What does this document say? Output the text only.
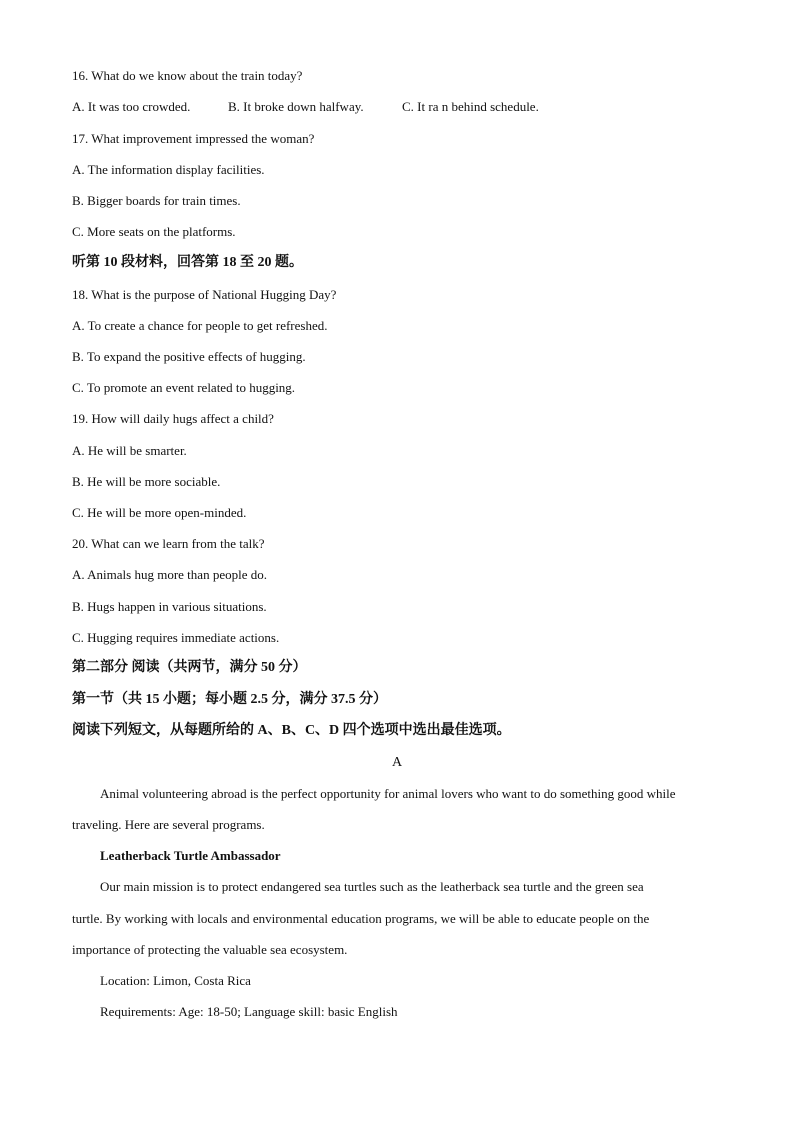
16. What do we know about the train today?
A. It was too crowded.	B. It broke down halfway.	C. It ra n behind schedule.
17. What improvement impressed the woman?
A. The information display facilities.
B. Bigger boards for train times.
C. More seats on the platforms.
听第 10 段材料，回答第 18 至 20 题。
18. What is the purpose of National Hugging Day?
A. To create a chance for people to get refreshed.
B. To expand the positive effects of hugging.
C. To promote an event related to hugging.
19. How will daily hugs affect a child?
A. He will be smarter.
B. He will be more sociable.
C. He will be more open-minded.
20. What can we learn from the talk?
A. Animals hug more than people do.
B. Hugs happen in various situations.
C. Hugging requires immediate actions.
第二部分 阅读（共两节，满分 50 分）
第一节（共 15 小题；每小题 2.5 分，满分 37.5 分）
阅读下列短文，从每题所给的 A、B、C、D 四个选项中选出最佳选项。
A
Animal volunteering abroad is the perfect opportunity for animal lovers who want to do something good while
traveling. Here are several programs.
Leatherback Turtle Ambassador
Our main mission is to protect endangered sea turtles such as the leatherback sea turtle and the green sea
turtle. By working with locals and environmental education programs, we will be able to educate people on the
importance of protecting the valuable sea ecosystem.
Location: Limon, Costa Rica
Requirements: Age: 18-50; Language skill: basic English
